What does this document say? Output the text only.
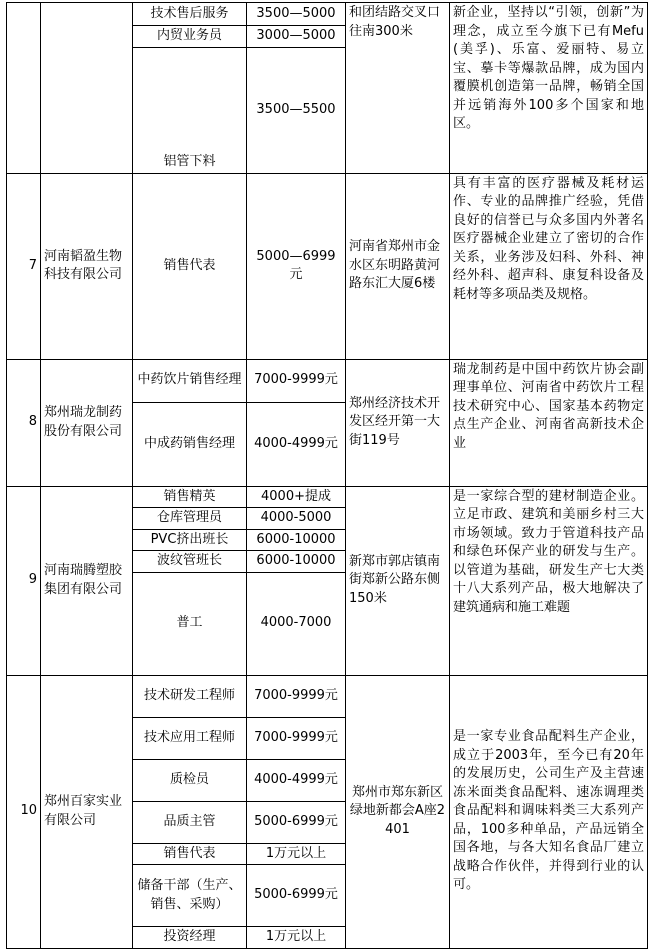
		技术售后服务	3500—5000	和团结路交叉口往南300米	新企业，坚持以“引领，创新”为理念，成立至今旗下已有Mefu(美孚)、乐富、爱丽特、易立宝、摹卡等爆款品牌，成为国内覆膜机创造第一品牌，畅销全国并远销海外100多个国家和地区。
		内贸业务员	3000—5000		
		铝管下料	3500—5500		
7	河南韬盈生物科技有限公司	销售代表	5000—6999元	河南省郑州市金水区东明路黄河路东汇大厦6楼	具有丰富的医疗器械及耗材运作、专业的品牌推广经验，凭借良好的信誉已与众多国内外著名医疗器械企业建立了密切的合作关系，业务涉及妇科、外科、神经外科、超声科、康复科设备及耗材等多项品类及规格。
8	郑州瑞龙制药股份有限公司	中药饮片销售经理	7000-9999元	郑州经济技术开发区经开第一大街119号	瑞龙制药是中国中药饮片协会副理事单位、河南省中药饮片工程技术研究中心、国家基本药物定点生产企业、河南省高新技术企业
		中成药销售经理	4000-4999元		
9	河南瑞腾塑胶集团有限公司	销售精英	4000+提成	新郑市郭店镇南街郑新公路东侧150米	是一家综合型的建材制造企业。立足市政、建筑和美丽乡村三大市场领域。致力于管道科技产品和绿色环保产业的研发与生产。以管道为基础，研发生产七大类十八大系列产品，极大地解决了建筑通病和施工难题
		仓库管理员	4000-5000		
		PVC挤出班长	6000-10000		
		波纹管班长	6000-10000		
		普工	4000-7000		
10	郑州百家实业有限公司	技术研发工程师	7000-9999元	郑州市郑东新区绿地新都会A座2401	是一家专业食品配料生产企业，成立于2003年，至今已有20年的发展历史，公司生产及主营速冻米面类食品配料、速冻调理类食品配料和调味料类三大系列产品，100多种单品，产品远销全国各地，与各大知名食品厂建立战略合作伙伴，并得到行业的认可。
		技术应用工程师	7000-9999元		
		质检员	4000-4999元		
		品质主管	5000-6999元		
		销售代表	1万元以上		
		储备干部（生产、销售、采购）	5000-6999元		
		投资经理	1万元以上		
